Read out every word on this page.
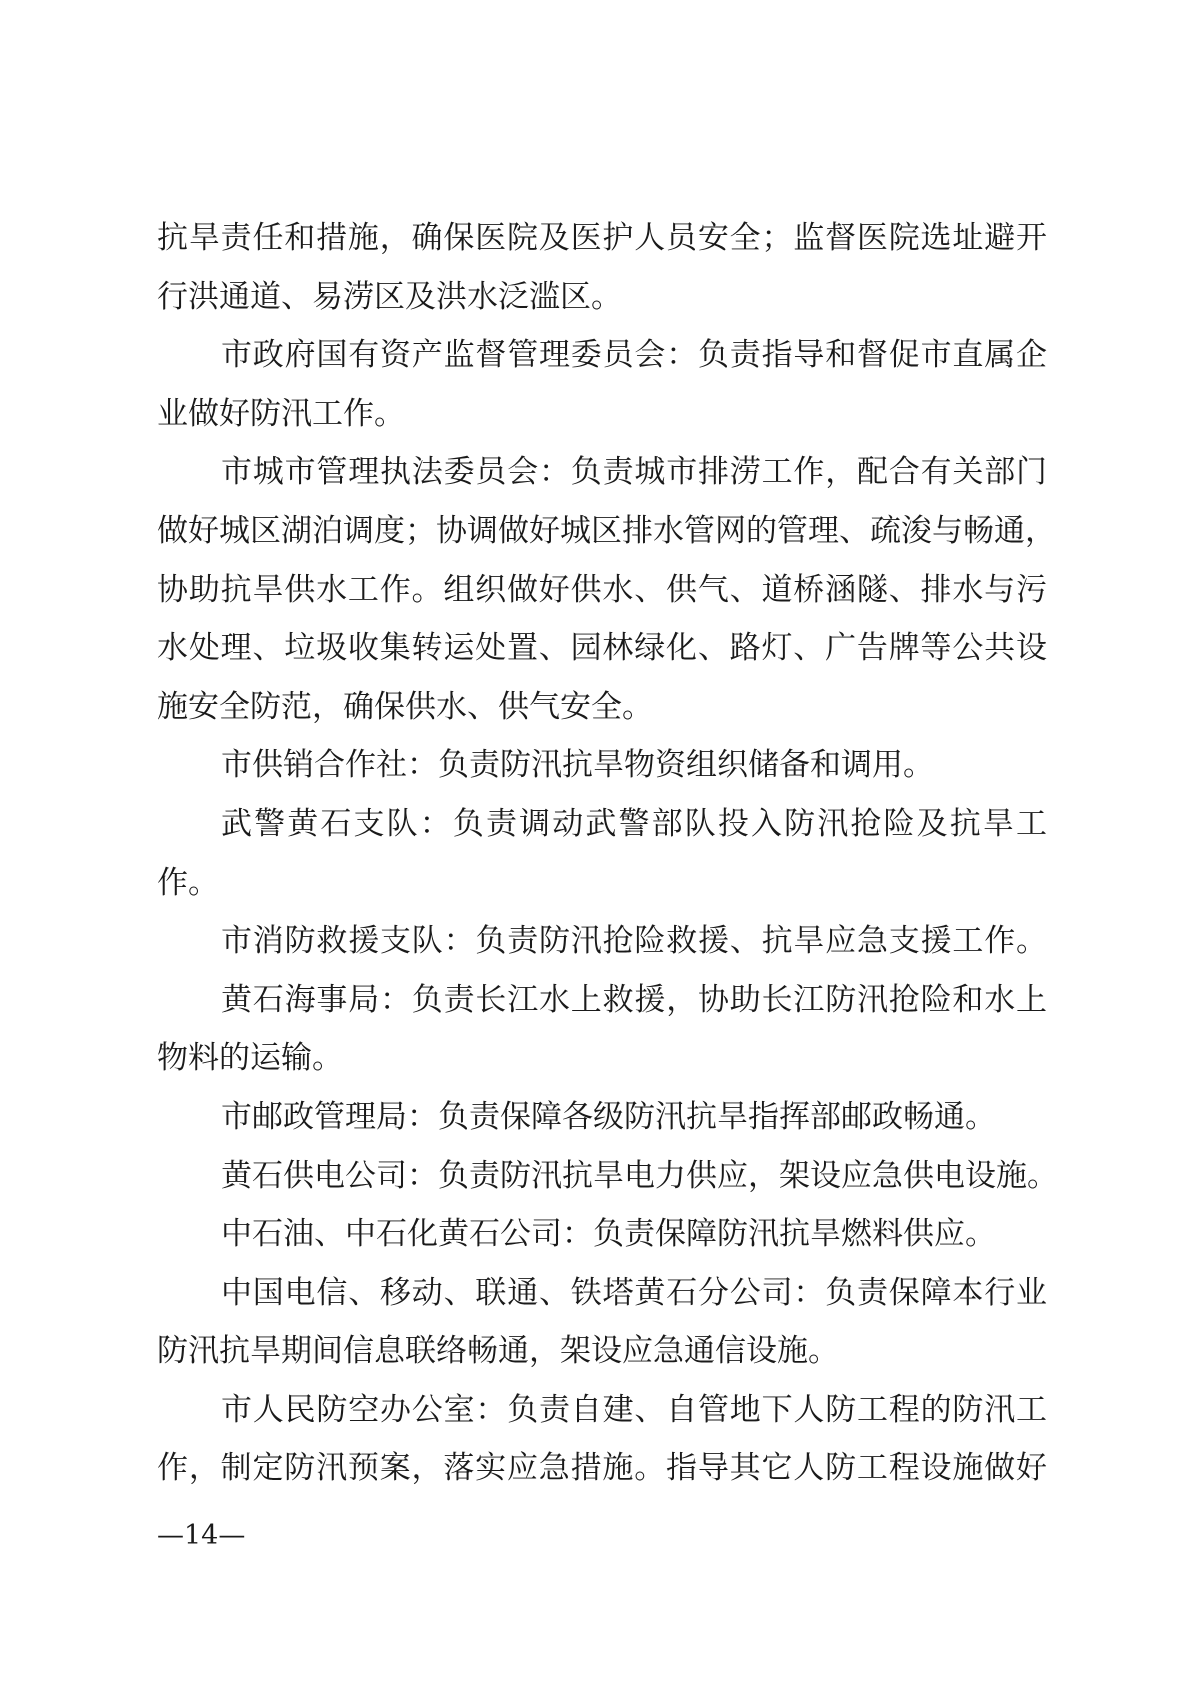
抗旱责任和措施，确保医院及医护人员安全；监督医院选址避开
行洪通道、易涝区及洪水泛滥区。
市政府国有资产监督管理委员会：负责指导和督促市直属企
业做好防汛工作。
市城市管理执法委员会：负责城市排涝工作，配合有关部门
做好城区湖泊调度；协调做好城区排水管网的管理、疏浚与畅通，
协助抗旱供水工作。组织做好供水、供气、道桥涵隧、排水与污
水处理、垃圾收集转运处置、园林绿化、路灯、广告牌等公共设
施安全防范，确保供水、供气安全。
市供销合作社：负责防汛抗旱物资组织储备和调用。
武警黄石支队：负责调动武警部队投入防汛抢险及抗旱工
作。
市消防救援支队：负责防汛抢险救援、抗旱应急支援工作。
黄石海事局：负责长江水上救援，协助长江防汛抢险和水上
物料的运输。
市邮政管理局：负责保障各级防汛抗旱指挥部邮政畅通。
黄石供电公司：负责防汛抗旱电力供应，架设应急供电设施。
中石油、中石化黄石公司：负责保障防汛抗旱燃料供应。
中国电信、移动、联通、铁塔黄石分公司：负责保障本行业
防汛抗旱期间信息联络畅通，架设应急通信设施。
市人民防空办公室：负责自建、自管地下人防工程的防汛工
作，制定防汛预案，落实应急措施。指导其它人防工程设施做好
—14—
